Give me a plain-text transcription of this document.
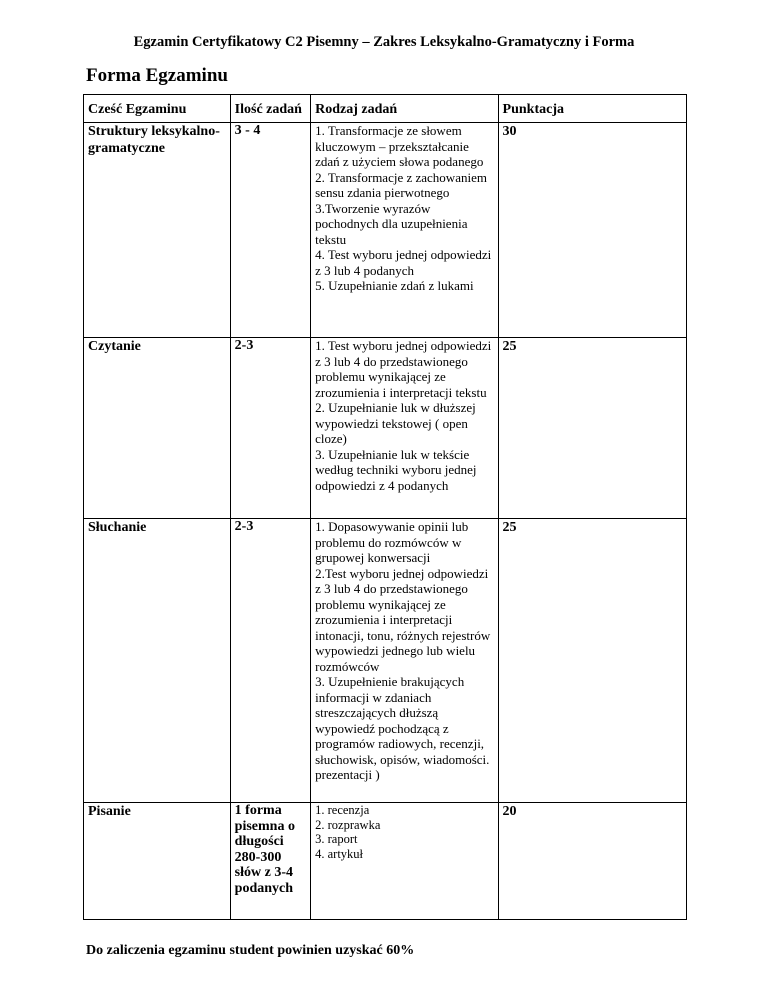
Egzamin Certyfikatowy C2 Pisemny – Zakres Leksykalno-Gramatyczny i Forma
Forma Egzaminu
Cześć Egzaminu	Ilość zadań	Rodzaj zadań	Punktacja
Struktury leksykalno-gramatyczne	3 - 4	1. Transformacje ze słowem kluczowym – przekształcanie zdań z użyciem słowa podanego
2. Transformacje z zachowaniem sensu zdania pierwotnego
3.Tworzenie wyrazów pochodnych dla uzupełnienia tekstu
4. Test wyboru jednej odpowiedzi z 3 lub 4 podanych
5. Uzupełnianie zdań z lukami	30
Czytanie	2-3	1. Test wyboru jednej odpowiedzi z 3 lub 4 do przedstawionego problemu wynikającej ze zrozumienia i interpretacji tekstu
2. Uzupełnianie luk w dłuższej wypowiedzi tekstowej ( open cloze)
3. Uzupełnianie luk w tekście według techniki wyboru jednej odpowiedzi z 4 podanych	25
Słuchanie	2-3	1. Dopasowywanie opinii lub problemu do rozmówców w grupowej konwersacji
2.Test wyboru jednej odpowiedzi z 3 lub 4 do przedstawionego problemu wynikającej ze zrozumienia i interpretacji intonacji, tonu, różnych rejestrów wypowiedzi jednego lub wielu rozmówców
3. Uzupełnienie brakujących informacji w zdaniach streszczających dłuższą wypowiedź pochodzącą z programów radiowych, recenzji, słuchowisk, opisów, wiadomości. prezentacji )	25
Pisanie	1 forma pisemna o długości 280-300 słów z 3-4 podanych	1. recenzja
2. rozprawka
3. raport
4. artykuł	20
Do zaliczenia egzaminu student powinien uzyskać 60%
